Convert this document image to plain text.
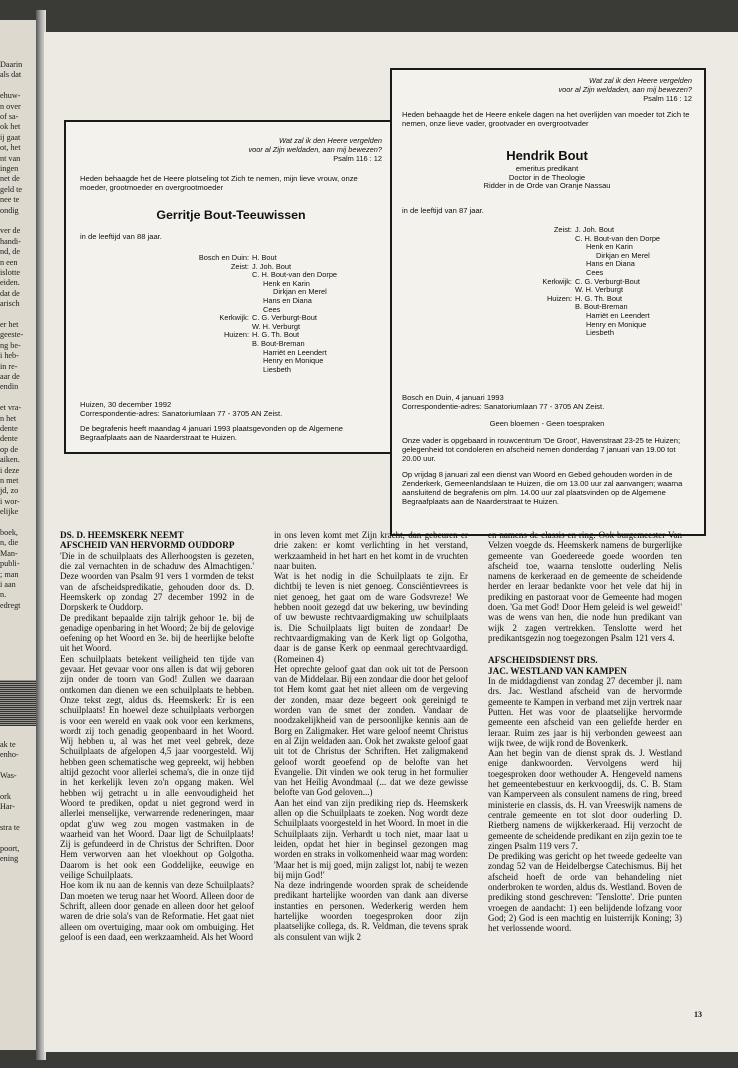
Daarin
als dat
ehuw-
n over
of sa-
ok het
ij gaat
ot, het
nt van
ingen
net de
geld te
nee te
ondig
ver de
handi-
nd, de
n een
islotte
eiden.
dat de
arisch
er het
geeste-
ng be-
i heb-
in re-
aar de
endin
et vra-
n het
dente
dente
op de
aiken.
i deze
n met
jd, zo
i wor-
elijke
boek,
n, die
Man-
publi-
; man
i aan
n.
edregt
ak te
enho-
Was-
ork
Har-
stra te
poort,
ening
Wat zal ik den Heere vergelden
voor al Zijn weldaden, aan mij bewezen?
Psalm 116 : 12
Heden behaagde het de Heere plotseling tot Zich te nemen, mijn lieve vrouw, onze moeder, grootmoeder en overgrootmoeder
Gerritje Bout-Teeuwissen
in de leeftijd van 88 jaar.
Bosch en Duin: H. Bout
Zeist: J. Joh. Bout
C. H. Bout-van den Dorpe
Henk en Karin
Dirkjan en Merel
Hans en Diana
Cees
Kerkwijk: C. G. Verburgt-Bout
W. H. Verburgt
Huizen: H. G. Th. Bout
B. Bout-Breman
Harriët en Leendert
Henry en Monique
Liesbeth
Huizen, 30 december 1992
Correspondentie-adres: Sanatoriumlaan 77 - 3705 AN Zeist.
De begrafenis heeft maandag 4 januari 1993 plaatsgevonden op de Algemene Begraafplaats aan de Naarderstraat te Huizen.
Wat zal ik den Heere vergelden
voor al Zijn weldaden, aan mij bewezen?
Psalm 116 : 12
Heden behaagde het de Heere enkele dagen na het overlijden van moeder tot Zich te nemen, onze lieve vader, grootvader en overgrootvader
Hendrik Bout
emeritus predikant
Doctor in de Theologie
Ridder in de Orde van Oranje Nassau
in de leeftijd van 87 jaar.
Zeist: J. Joh. Bout
C. H. Bout-van den Dorpe
Henk en Karin
Dirkjan en Merel
Hans en Diana
Cees
Kerkwijk: C. G. Verburgt-Bout
W. H. Verburgt
Huizen: H. G. Th. Bout
B. Bout-Breman
Harriët en Leendert
Henry en Monique
Liesbeth
Bosch en Duin, 4 januari 1993
Correspondentie-adres: Sanatoriumlaan 77 - 3705 AN Zeist.
Geen bloemen - Geen toespraken
Onze vader is opgebaard in rouwcentrum 'De Groot', Havenstraat 23-25 te Huizen; gelegenheid tot condoleren en afscheid nemen donderdag 7 januari van 19.00 tot 20.00 uur.
Op vrijdag 8 januari zal een dienst van Woord en Gebed gehouden worden in de Zenderkerk, Gemeenlandslaan te Huizen, die om 13.00 uur zal aanvangen; waarna aansluitend de begrafenis om plm. 14.00 uur zal plaatsvinden op de Algemene Begraafplaats aan de Naarderstraat te Huizen.
DS. D. HEEMSKERK NEEMT
AFSCHEID VAN HERVORMD OUDDORP

'Die in de schuilplaats des Allerhoogsten is gezeten, die zal vernachten in de schaduw des Almachtigen.' Deze woorden van Psalm 91 vers 1 vormden de tekst van de afscheidspredikatie, gehouden door ds. D. Heemskerk op zondag 27 december 1992 in de Dorpskerk te Ouddorp.

De predikant bepaalde zijn talrijk gehoor 1e. bij de genadige openbaring in het Woord; 2e bij de gelovige oefening op het Woord en 3e. bij de heerlijke belofte uit het Woord.

Een schuilplaats betekent veiligheid ten tijde van gevaar. Het gevaar voor ons allen is dat wij geboren zijn onder de toorn van God! Zullen we daaraan ontkomen dan dienen we een schuilplaats te hebben. Onze tekst zegt, aldus ds. Heemskerk: Er is een schuilplaats! En hoewel deze schuilplaats verborgen is voor een wereld en vaak ook voor een kerkmens, wordt zij toch genadig geopenbaard in het Woord. Wij hebben u, al was het met veel gebrek, deze Schuilplaats de afgelopen 4,5 jaar voorgesteld. Wij hebben geen schematische weg gepreekt, wij hebben altijd gezocht voor allerlei schema's, die in onze tijd in het kerkelijk leven zo'n opgang maken. Wel hebben wij getracht u in alle eenvoudigheid het Woord te prediken, opdat u niet gegrond werd in allerlei menselijke, verwarrende redeneringen, maar opdat g'uw weg zou mogen vastmaken in de waarheid van het Woord. Daar ligt de Schuilplaats! Zij is gefundeerd in de Christus der Schriften. Door Hem verworven aan het vloekhout op Golgotha. Daarom is het ook een Goddelijke, eeuwige en veilige Schuilplaats.

Hoe kom ik nu aan de kennis van deze Schuilplaats? Dan moeten we terug naar het Woord. Alleen door de Schrift, alleen door genade en alleen door het geloof waren de drie sola's van de Reformatie. Het gaat niet alleen om overtuiging, maar ook om ombuiging. Het geloof is een daad, een werkzaamheid. Als het Woord

in ons leven komt met Zijn kracht, dan gebeuren er drie zaken: er komt verlichting in het verstand, werkzaamheid in het hart en het komt in de vruchten naar buiten.

Wat is het nodig in die Schuilplaats te zijn. Er dichtbij te leven is niet genoeg. Consciëntievrees is niet genoeg, het gaat om de ware Godsvrezе! We hebben nooit gezegd dat uw bekering, uw bevinding of uw bewuste rechtvaardigmaking uw schuilplaats is. Die Schuilplaats ligt buiten de zondaar! De rechtvaardigmaking van de Kerk ligt op Golgotha, daar is de ganse Kerk op eenmaal gerechtvaardigd. (Romeinen 4)

Het oprechte geloof gaat dan ook uit tot de Persoon van de Middelaar. Bij een zondaar die door het geloof tot Hem komt gaat het niet alleen om de vergeving der zonden, maar deze begeert ook gereinigd te worden van de smet der zonden. Vandaar de noodzakelijkheid van de persoonlijke kennis aan de Borg en Zaligmaker. Het ware geloof neemt Christus en al Zijn weldaden aan. Ook het zwakste geloof gaat uit tot de Christus der Schriften. Het zaligmakend geloof wordt geoefend op de belofte van het Evangelie. Dit vinden we ook terug in het formulier van het Heilig Avondmaal (... dat we deze gewisse belofte van God geloven...)

Aan het eind van zijn prediking riep ds. Heemskerk allen op die Schuilplaats te zoeken. Nog wordt deze Schuilplaats voorgesteld in het Woord. In moet in die Schuilplaats zijn. Verhardt u toch niet, maar laat u leiden, opdat het hier in beginsel gezongen mag worden en straks in volkomenheid waar mag worden: 'Maar het is mij goed, mijn zaligst lot, nabij te wezen bij mijn God!'

Na deze indringende woorden sprak de scheidende predikant hartelijke woorden van dank aan diverse instanties en personen. Wederkerig werden hem hartelijke woorden toegesproken door zijn plaatselijke collega, ds. R. Veldman, die tevens sprak als consulent van wijk 2

en namens de classis en ring. Ook burgemeester Van Velzen voegde ds. Heemskerk namens de burgerlijke gemeente van Goedereede goede woorden ten afscheid toe, waarna tenslotte ouderling Nelis namens de kerkeraad en de gemeente de scheidende herder en leraar bedankte voor het vele dat hij in prediking en pastoraat voor de Gemeente had mogen doen. 'Ga met God! Door Hem geleid is wel geweid!' was de wens van hen, die node hun predikant van wijk 2 zagen vertrekken. Tenslotte werd het predikantsgezin nog toegezongen Psalm 121 vers 4.

AFSCHEIDSDIENST DRS.
JAC. WESTLAND VAN KAMPEN

In de middagdienst van zondag 27 december jl. nam drs. Jac. Westland afscheid van de hervormde gemeente te Kampen in verband met zijn vertrek naar Putten. Het was voor de plaatselijke hervormde gemeente een afscheid van een geliefde herder en leraar. Ruim zes jaar is hij verbonden geweest aan wijk twee, de wijk rond de Bovenkerk.

Aan het begin van de dienst sprak ds. J. Westland enige dankwoorden. Vervolgens werd hij toegesproken door wethouder A. Hengeveld namens het gemeentebestuur en kerkvoogdij, ds. C. B. Stam van Kamperveen als consulent namens de ring, breed ministerie en classis, ds. H. van Vreeswijk namens de centrale gemeente en tot slot door ouderling D. Rietberg namens de wijkkerkeraad. Hij verzocht de gemeente de scheidende predikant en zijn gezin toe te zingen Psalm 119 vers 7.

De prediking was gericht op het tweede gedeelte van zondag 52 van de Heidelbergse Catechismus. Bij het afscheid hoeft de orde van behandeling niet onderbroken te worden, aldus ds. Westland. Boven de prediking stond geschreven: 'Tenslotte'. Drie punten vroegen de aandacht: 1) een belijdende lofzang voor God; 2) God is een machtig en luisterrijk Koning; 3) het verlossende woord.

13
